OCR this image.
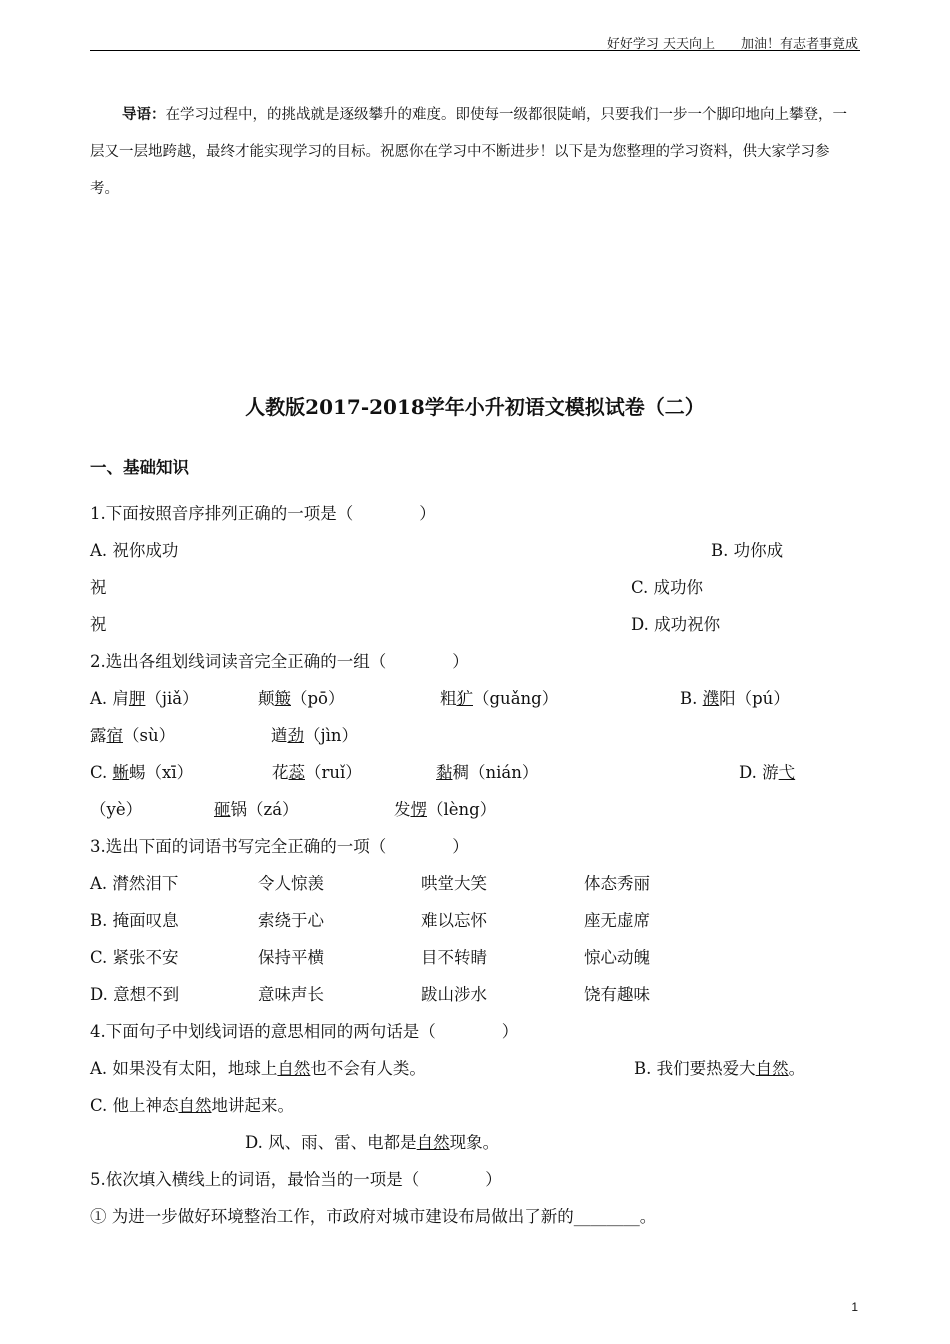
好好学习 天天向上 加油！有志者事竟成
导语：在学习过程中，的挑战就是逐级攀升的难度。即使每一级都很陡峭，只要我们一步一个脚印地向上攀登，一层又一层地跨越，最终才能实现学习的目标。祝愿你在学习中不断进步！以下是为您整理的学习资料，供大家学习参考。
人教版2017-2018学年小升初语文模拟试卷（二）
一、基础知识
1.下面按照音序排列正确的一项是（　　　　）
A. 祝你成功	B. 功你成
祝	C. 成功你
祝	D. 成功祝你
2.选出各组划线词读音完全正确的一组（　　　　）
A. 肩胛（jiǎ）	颠簸（pō）	粗犷（guǎng）	B. 濮阳（pú）
露宿（sù）	遒劲（jìn）
C. 蜥蜴（xī）	花蕊（ruǐ）	黏稠（nián）	D. 游弋
（yè）	砸锅（zá）	发愣（lèng）
3.选出下面的词语书写完全正确的一项（　　　　）
A. 潸然泪下	令人惊羡	哄堂大笑	体态秀丽
B. 掩面叹息	索绕于心	难以忘怀	座无虚席
C. 紧张不安	保持平横	目不转睛	惊心动魄
D. 意想不到	意味声长	跋山涉水	饶有趣味
4.下面句子中划线词语的意思相同的两句话是（　　　　）
A. 如果没有太阳，地球上自然也不会有人类。	B. 我们要热爱大自然。
C. 他上神态自然地讲起来。
D. 风、雨、雷、电都是自然现象。
5.依次填入横线上的词语，最恰当的一项是（　　　　）
① 为进一步做好环境整治工作，市政府对城市建设布局做出了新的________。
1
